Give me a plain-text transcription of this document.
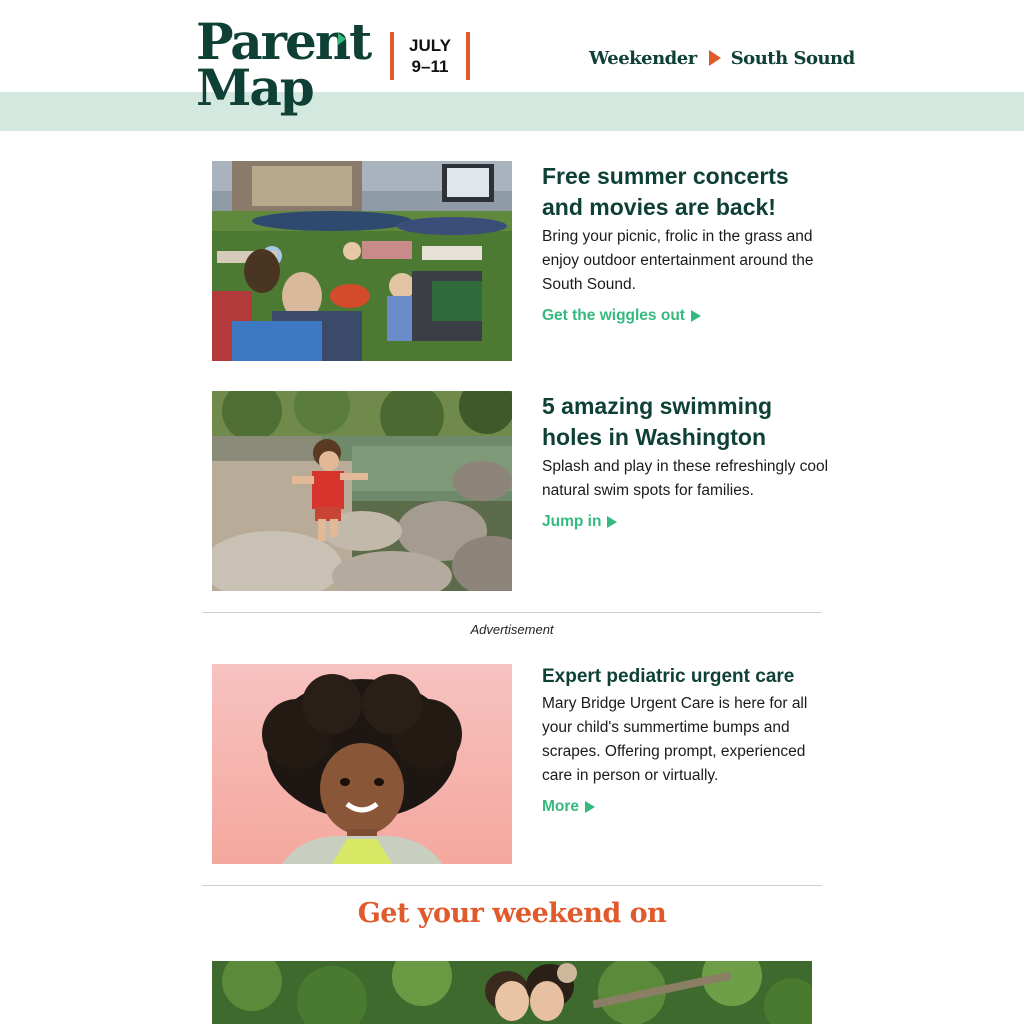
Parent
Map
JULY
9–11	Weekender South Sound
Free summer concerts and movies are back!
Bring your picnic, frolic in the grass and enjoy outdoor entertainment around the South Sound.
Get the wiggles out
5 amazing swimming holes in Washington
Splash and play in these refreshingly cool natural swim spots for families.
Jump in
Advertisement
Expert pediatric urgent care
Mary Bridge Urgent Care is here for all your child's summertime bumps and scrapes. Offering prompt, experienced care in person or virtually.
More
Get your weekend on
